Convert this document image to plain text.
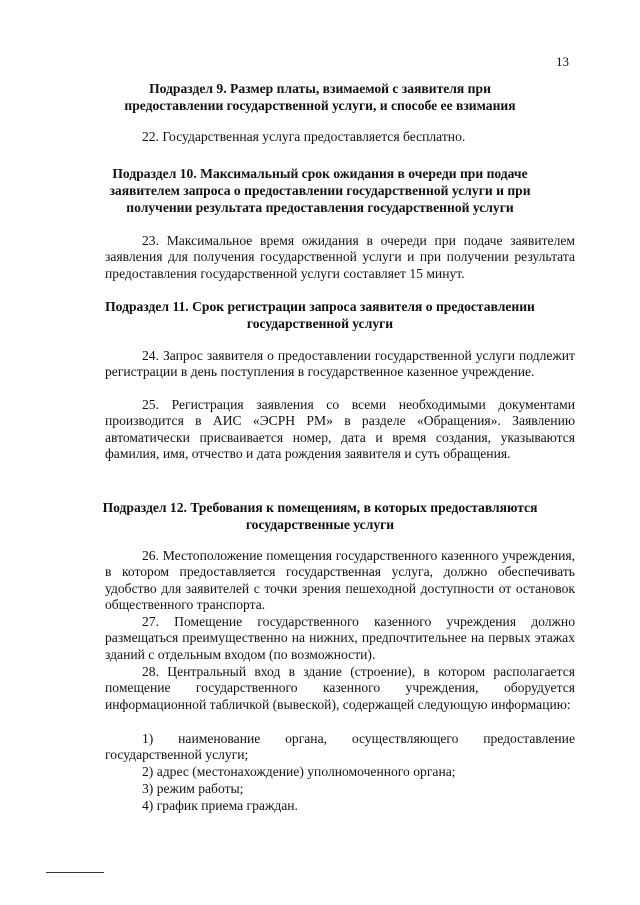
13
Подраздел 9. Размер платы, взимаемой с заявителя при предоставлении государственной услуги, и способе ее взимания
22. Государственная услуга предоставляется бесплатно.
Подраздел 10. Максимальный срок ожидания в очереди при подаче заявителем запроса о предоставлении государственной услуги и при получении результата предоставления государственной услуги
23. Максимальное время ожидания в очереди при подаче заявителем заявления для получения государственной услуги и при получении результата предоставления государственной услуги составляет 15 минут.
Подраздел 11. Срок регистрации запроса заявителя о предоставлении государственной услуги
24. Запрос заявителя о предоставлении государственной услуги подлежит регистрации в день поступления в государственное казенное учреждение.
25. Регистрация заявления со всеми необходимыми документами производится в АИС «ЭСРН РМ» в разделе «Обращения». Заявлению автоматически присваивается номер, дата и время создания, указываются фамилия, имя, отчество и дата рождения заявителя и суть обращения.
Подраздел 12. Требования к помещениям, в которых предоставляются государственные услуги
26. Местоположение помещения государственного казенного учреждения, в котором предоставляется государственная услуга, должно обеспечивать удобство для заявителей с точки зрения пешеходной доступности от остановок общественного транспорта.
27. Помещение государственного казенного учреждения должно размещаться преимущественно на нижних, предпочтительнее на первых этажах зданий с отдельным входом (по возможности).
28. Центральный вход в здание (строение), в котором располагается помещение государственного казенного учреждения, оборудуется информационной табличкой (вывеской), содержащей следующую информацию:
1) наименование органа, осуществляющего предоставление государственной услуги;
2) адрес (местонахождение) уполномоченного органа;
3) режим работы;
4) график приема граждан.
